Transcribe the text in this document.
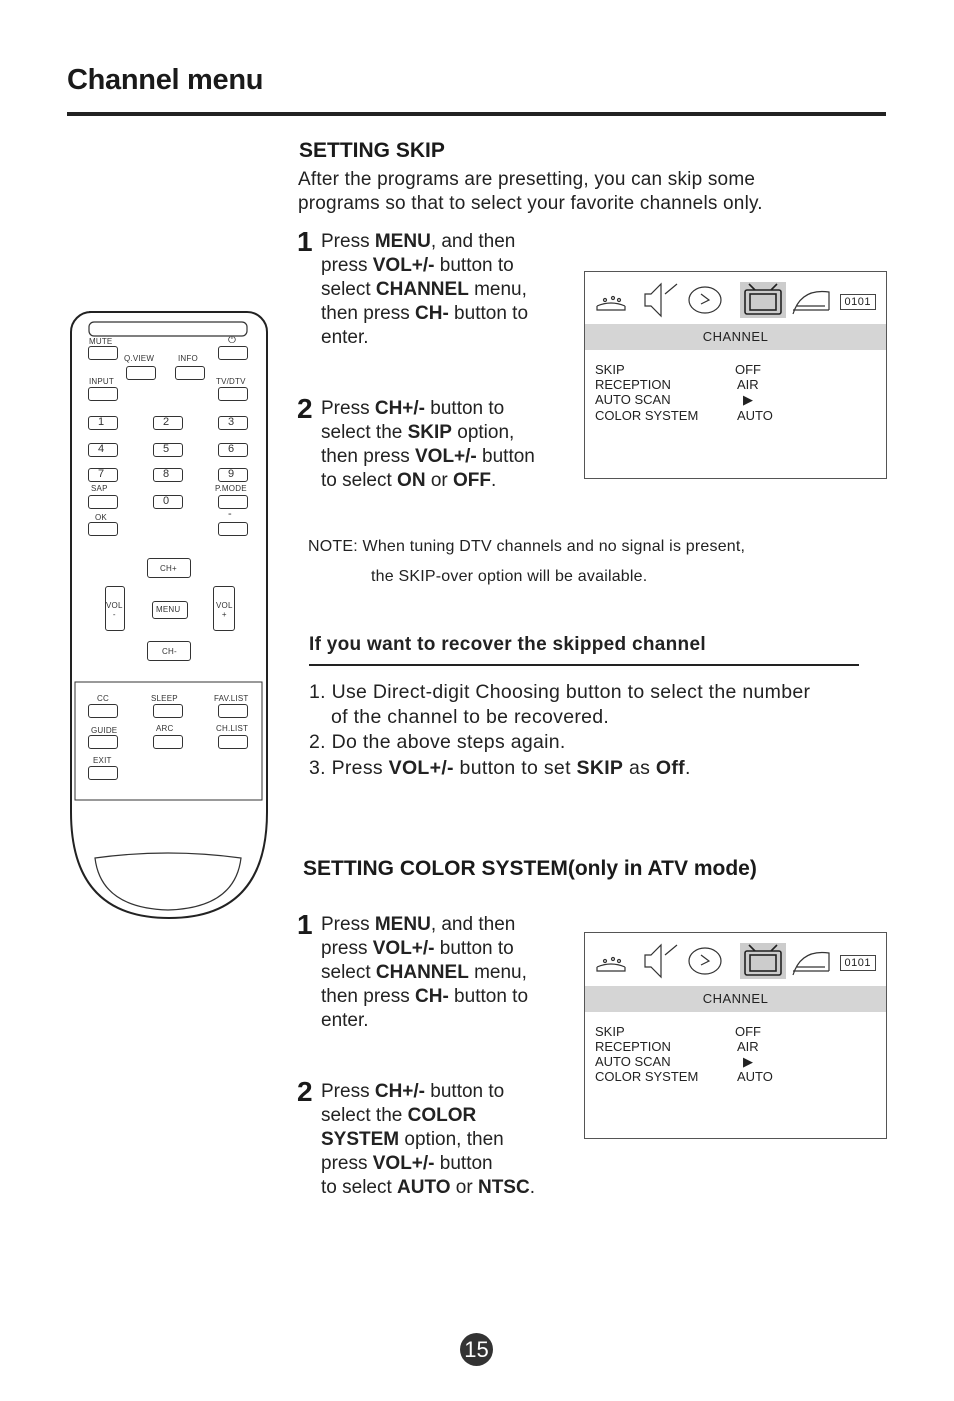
Channel menu
SETTING SKIP
After the programs are presetting, you can skip some
programs so that to select your favorite channels only.
1 Press MENU, and then
press VOL+/- button to
select CHANNEL menu,
then press CH- button to
enter.
2 Press CH+/- button to
select the SKIP option,
then press VOL+/- button
to select ON or OFF.
0101
CHANNEL
SKIP	OFF
RECEPTION	AIR
AUTO SCAN	▶
COLOR SYSTEM	AUTO
NOTE: When tuning DTV channels and no signal is present,
the SKIP-over option will be available.
If you want to recover the skipped channel
1. Use Direct-digit Choosing button to select the number
of the channel to be recovered.
2. Do the above steps again.
3. Press VOL+/- button to set SKIP as Off.
SETTING COLOR SYSTEM(only in ATV mode)
1 Press MENU, and then
press VOL+/- button to
select CHANNEL menu,
then press CH- button to
enter.
2 Press CH+/- button to
select the COLOR
SYSTEM option, then
press VOL+/- button
to select AUTO or NTSC.
0101
CHANNEL
SKIP	OFF
RECEPTION	AIR
AUTO SCAN	▶
COLOR SYSTEM	AUTO
MUTE	⏻
Q.VIEW	INFO
INPUT	TV/DTV
1	2	3
4	5	6
7	8	9
SAP	P.MODE
0
OK	-
CH+
VOL
-
VOL
+
MENU
CH-
CC	SLEEP	FAV.LIST
GUIDE	ARC	CH.LIST
EXIT
15
